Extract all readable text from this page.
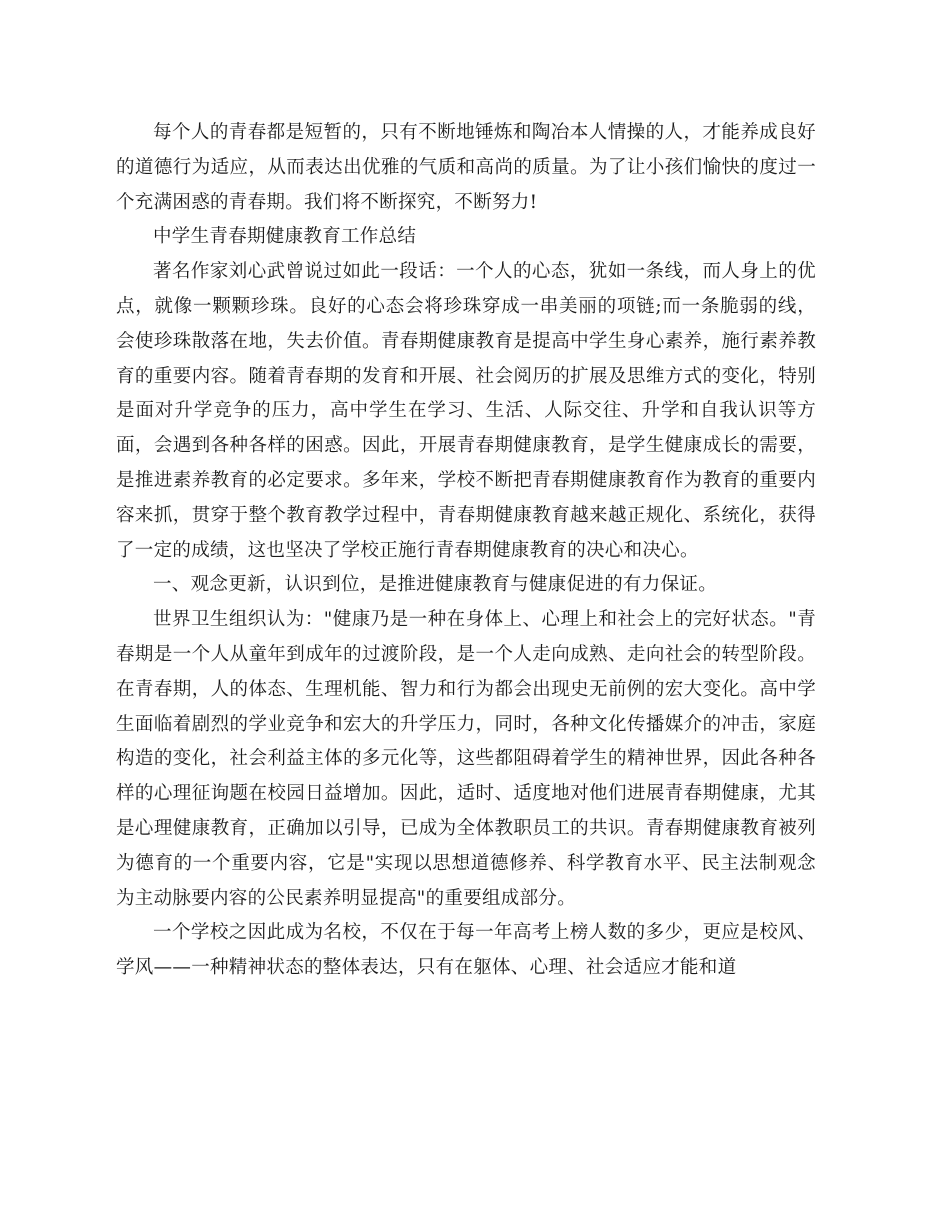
每个人的青春都是短暂的，只有不断地锤炼和陶冶本人情操的人，才能养成良好的道德行为适应，从而表达出优雅的气质和高尚的质量。为了让小孩们愉快的度过一个充满困惑的青春期。我们将不断探究，不断努力!

中学生青春期健康教育工作总结

著名作家刘心武曾说过如此一段话：一个人的心态，犹如一条线，而人身上的优点，就像一颗颗珍珠。良好的心态会将珍珠穿成一串美丽的项链;而一条脆弱的线，会使珍珠散落在地，失去价值。青春期健康教育是提高中学生身心素养，施行素养教育的重要内容。随着青春期的发育和开展、社会阅历的扩展及思维方式的变化，特别是面对升学竞争的压力，高中学生在学习、生活、人际交往、升学和自我认识等方面，会遇到各种各样的困惑。因此，开展青春期健康教育，是学生健康成长的需要，是推进素养教育的必定要求。多年来，学校不断把青春期健康教育作为教育的重要内容来抓，贯穿于整个教育教学过程中，青春期健康教育越来越正规化、系统化，获得了一定的成绩，这也坚决了学校正施行青春期健康教育的决心和决心。

一、观念更新，认识到位，是推进健康教育与健康促进的有力保证。

世界卫生组织认为："健康乃是一种在身体上、心理上和社会上的完好状态。"青春期是一个人从童年到成年的过渡阶段，是一个人走向成熟、走向社会的转型阶段。在青春期，人的体态、生理机能、智力和行为都会出现史无前例的宏大变化。高中学生面临着剧烈的学业竞争和宏大的升学压力，同时，各种文化传播媒介的冲击，家庭构造的变化，社会利益主体的多元化等，这些都阻碍着学生的精神世界，因此各种各样的心理征询题在校园日益增加。因此，适时、适度地对他们进展青春期健康，尤其是心理健康教育，正确加以引导，已成为全体教职员工的共识。青春期健康教育被列为德育的一个重要内容，它是"实现以思想道德修养、科学教育水平、民主法制观念为主动脉要内容的公民素养明显提高"的重要组成部分。

一个学校之因此成为名校，不仅在于每一年高考上榜人数的多少，更应是校风、学风——一种精神状态的整体表达，只有在躯体、心理、社会适应才能和道
